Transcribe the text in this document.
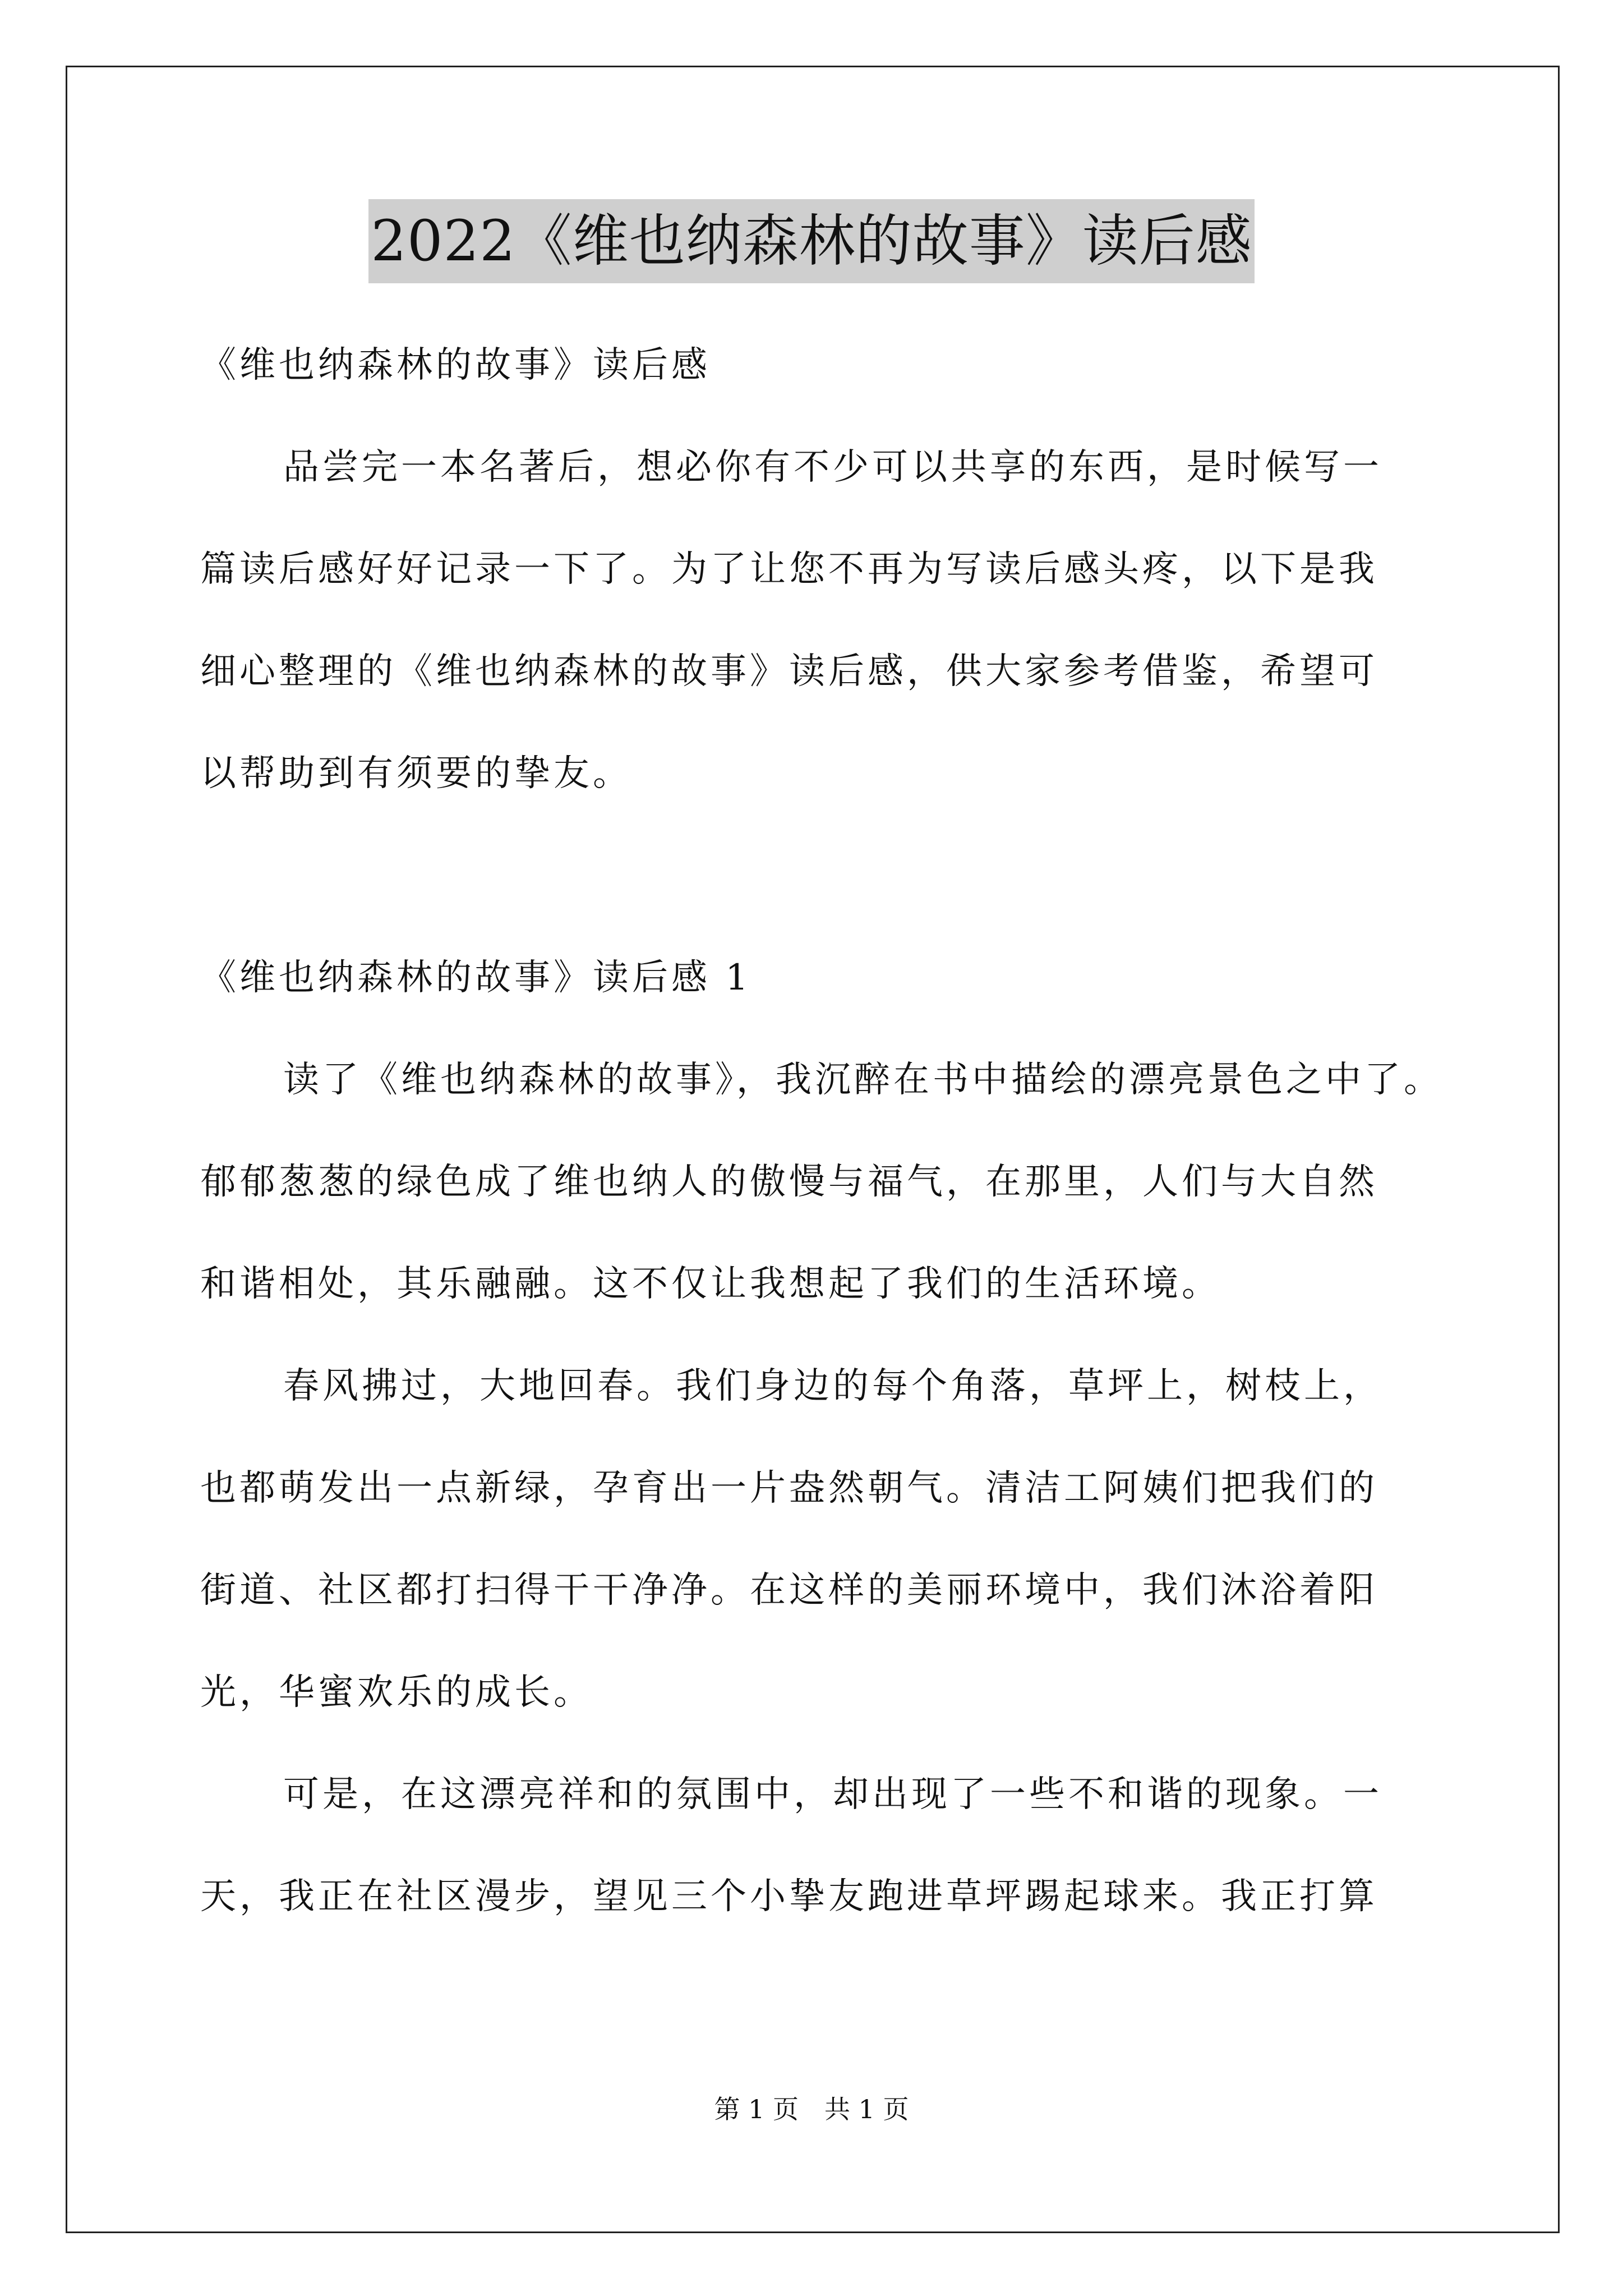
2022《维也纳森林的故事》读后感
《维也纳森林的故事》读后感
品尝完一本名著后，想必你有不少可以共享的东西，是时候写一
篇读后感好好记录一下了。为了让您不再为写读后感头疼，以下是我
细心整理的《维也纳森林的故事》读后感，供大家参考借鉴，希望可
以帮助到有须要的挚友。
《维也纳森林的故事》读后感 1
读了《维也纳森林的故事》，我沉醉在书中描绘的漂亮景色之中了。
郁郁葱葱的绿色成了维也纳人的傲慢与福气，在那里，人们与大自然
和谐相处，其乐融融。这不仅让我想起了我们的生活环境。
春风拂过，大地回春。我们身边的每个角落，草坪上，树枝上，
也都萌发出一点新绿，孕育出一片盎然朝气。清洁工阿姨们把我们的
街道、社区都打扫得干干净净。在这样的美丽环境中，我们沐浴着阳
光，华蜜欢乐的成长。
可是，在这漂亮祥和的氛围中，却出现了一些不和谐的现象。一
天，我正在社区漫步，望见三个小挚友跑进草坪踢起球来。我正打算
第 1 页　共 1 页
